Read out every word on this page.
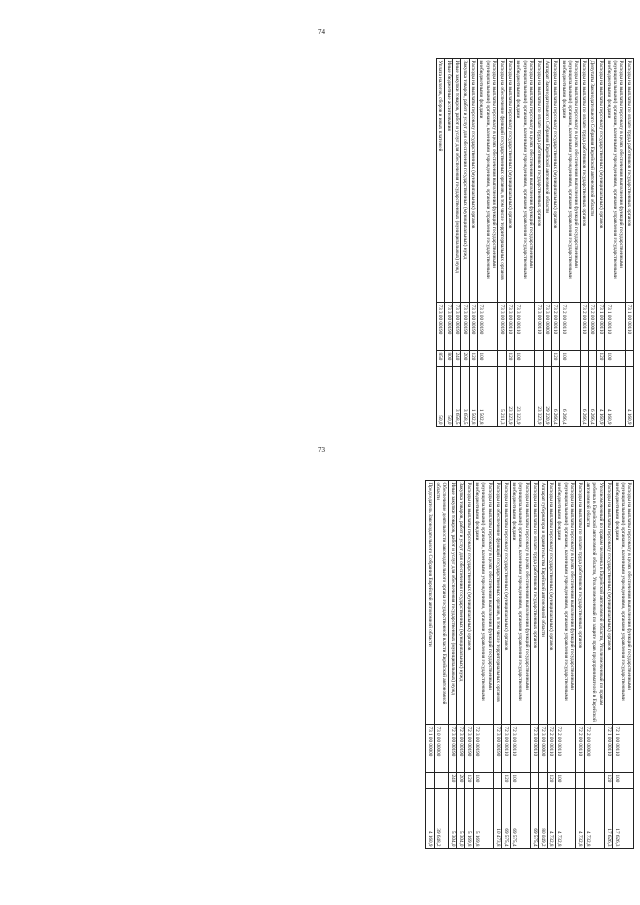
74
Расходы на выплаты по оплате труда работников государственных органов	73 1 00 00110		4 160,9
Расходы на выплаты персоналу в целях обеспечения выполнения функций государственными (муниципальными) органами, казенными учреждениями, органами управления государственными внебюджетными фондами	73 1 00 00110	100	4 160,9
Расходы на выплаты персоналу государственных (муниципальных) органов	73 1 00 00110	120	4 160,9
Депутаты Законодательного Собрания Еврейской автономной области	73 2 00 00000		6 266,4
Расходы на выплаты по оплате труда работников государственных органов	73 2 00 00110		6 266,4
Расходы на выплаты персоналу в целях обеспечения выполнения функций государственными (муниципальными) органами, казенными учреждениями, органами управления государственными внебюджетными фондами	73 2 00 00110	100	6 266,4
Расходы на выплаты персоналу государственных (муниципальных) органов	73 2 00 00110	120	6 266,4
Аппарат Законодательного Собрания Еврейской автономной области	73 3 00 00000		29 220,9
Расходы на выплаты по оплате труда работников государственных органов	73 3 00 00110		23 323,9
Расходы на выплаты персоналу в целях обеспечения выполнения функций государственными (муниципальными) органами, казенными учреждениями, органами управления государственными внебюджетными фондами	73 3 00 00110	100	23 323,9
Расходы на выплаты персоналу государственных (муниципальных) органов	73 3 00 00110	120	23 323,9
Расходы на обеспечение функций государственных органов, в том числе территориальных органов	73 3 00 00190		5 211,3
Расходы на выплаты персоналу в целях обеспечения выполнения функций государственными (муниципальными) органами, казенными учреждениями, органами управления государственными внебюджетными фондами	73 3 00 00190	100	1 502,8
Расходы на выплаты персоналу государственных (муниципальных) органов	73 3 00 00190	120	1 502,8
Закупка товаров, работ и услуг для обеспечения государственных (муниципальных) нужд	73 3 00 00190	200	3 658,5
Иные закупки товаров, работ и услуг для обеспечения государственных (муниципальных) нужд	73 3 00 00190	240	3 658,5
Иные бюджетные ассигнования	73 3 00 00190	800	50,0
Уплата налогов, сборов и иных платежей	73 3 00 00190	850	50,0
73
Расходы на выплаты персоналу в целях обеспечения выполнения функций государственными (муниципальными) органами, казенными учреждениями, органами управления государственными внебюджетными фондами	72 1 00 00110	100	17 626,3
Расходы на выплаты персоналу государственных (муниципальных) органов	72 1 00 00110	120	17 626,3
Уполномоченный по правам человека в Еврейской автономной области, Уполномоченный по правам ребенка в Еврейской автономной области, Уполномоченный по защите прав предпринимателей в Еврейской автономной области	72 2 00 00000		4 732,8
Расходы на выплаты по оплате труда работников государственных органов	72 2 00 00110		4 732,8
Расходы на выплаты персоналу в целях обеспечения выполнения функций государственными (муниципальными) органами, казенными учреждениями, органами управления государственными внебюджетными фондами	72 2 00 00110	100	4 732,8
Расходы на выплаты персоналу государственных (муниципальных) органов	72 2 00 00110	120	4 732,8
Аппарат губернатора и правительства Еврейской автономной области	72 3 00 00000		80 049,2
Расходы на выплаты по оплате труда работников государственных органов	72 3 00 00110		69 575,4
Расходы на выплаты персоналу в целях обеспечения выполнения функций государственными (муниципальными) органами, казенными учреждениями, органами управления государственными внебюджетными фондами	72 3 00 00110	100	69 575,4
Расходы на выплаты персоналу государственных (муниципальных) органов	72 3 00 00110	120	69 575,4
Расходы на обеспечение функций государственных органов, в том числе территориальных органов	72 3 00 00190		10 473,8
Расходы на выплаты персоналу в целях обеспечения выполнения функций государственными (муниципальными) органами, казенными учреждениями, органами управления государственными внебюджетными фондами	72 3 00 00190	100	5 169,8
Расходы на выплаты персоналу государственных (муниципальных) органов	72 3 00 00190	120	5 169,8
Закупка товаров, работ и услуг для обеспечения государственных (муниципальных) нужд	72 3 00 00190	200	5 304,0
Иные закупки товаров, работ и услуг для обеспечения государственных (муниципальных) нужд	72 3 00 00190	240	5 304,0
Обеспечение деятельности законодательного органа государственной власти Еврейской автономной области	73 0 00 00000		39 648,2
Председатель Законодательного Собрания Еврейской автономной области	73 1 00 00000		4 160,9
